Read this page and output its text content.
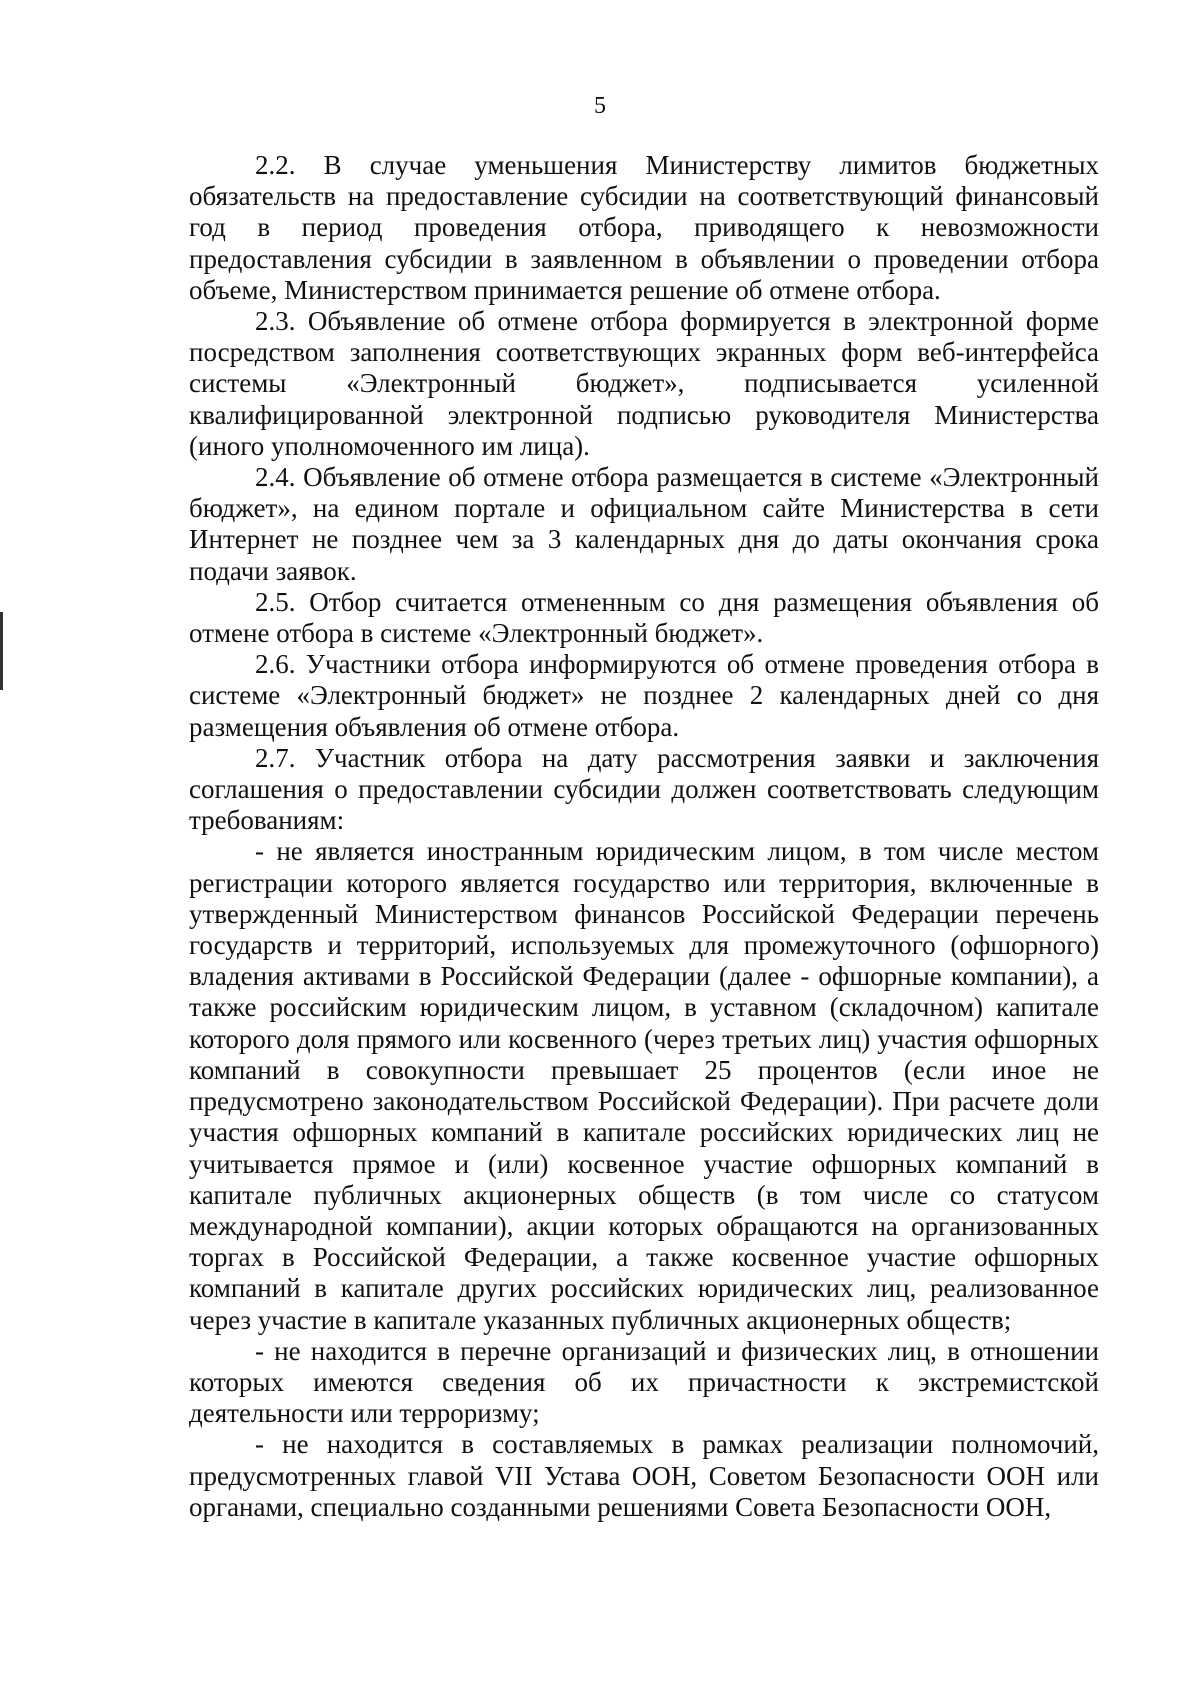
5

2.2. В случае уменьшения Министерству лимитов бюджетных обязательств на предоставление субсидии на соответствующий финансовый год в период проведения отбора, приводящего к невозможности предоставления субсидии в заявленном в объявлении о проведении отбора объеме, Министерством принимается решение об отмене отбора.

2.3. Объявление об отмене отбора формируется в электронной форме посредством заполнения соответствующих экранных форм веб-интерфейса системы «Электронный бюджет», подписывается усиленной квалифицированной электронной подписью руководителя Министерства (иного уполномоченного им лица).

2.4. Объявление об отмене отбора размещается в системе «Электронный бюджет», на едином портале и официальном сайте Министерства в сети Интернет не позднее чем за 3 календарных дня до даты окончания срока подачи заявок.

2.5. Отбор считается отмененным со дня размещения объявления об отмене отбора в системе «Электронный бюджет».

2.6. Участники отбора информируются об отмене проведения отбора в системе «Электронный бюджет» не позднее 2 календарных дней со дня размещения объявления об отмене отбора.

2.7. Участник отбора на дату рассмотрения заявки и заключения соглашения о предоставлении субсидии должен соответствовать следующим требованиям:

- не является иностранным юридическим лицом, в том числе местом регистрации которого является государство или территория, включенные в утвержденный Министерством финансов Российской Федерации перечень государств и территорий, используемых для промежуточного (офшорного) владения активами в Российской Федерации (далее - офшорные компании), а также российским юридическим лицом, в уставном (складочном) капитале которого доля прямого или косвенного (через третьих лиц) участия офшорных компаний в совокупности превышает 25 процентов (если иное не предусмотрено законодательством Российской Федерации). При расчете доли участия офшорных компаний в капитале российских юридических лиц не учитывается прямое и (или) косвенное участие офшорных компаний в капитале публичных акционерных обществ (в том числе со статусом международной компании), акции которых обращаются на организованных торгах в Российской Федерации, а также косвенное участие офшорных компаний в капитале других российских юридических лиц, реализованное через участие в капитале указанных публичных акционерных обществ;

- не находится в перечне организаций и физических лиц, в отношении которых имеются сведения об их причастности к экстремистской деятельности или терроризму;

- не находится в составляемых в рамках реализации полномочий, предусмотренных главой VII Устава ООН, Советом Безопасности ООН или органами, специально созданными решениями Совета Безопасности ООН,
